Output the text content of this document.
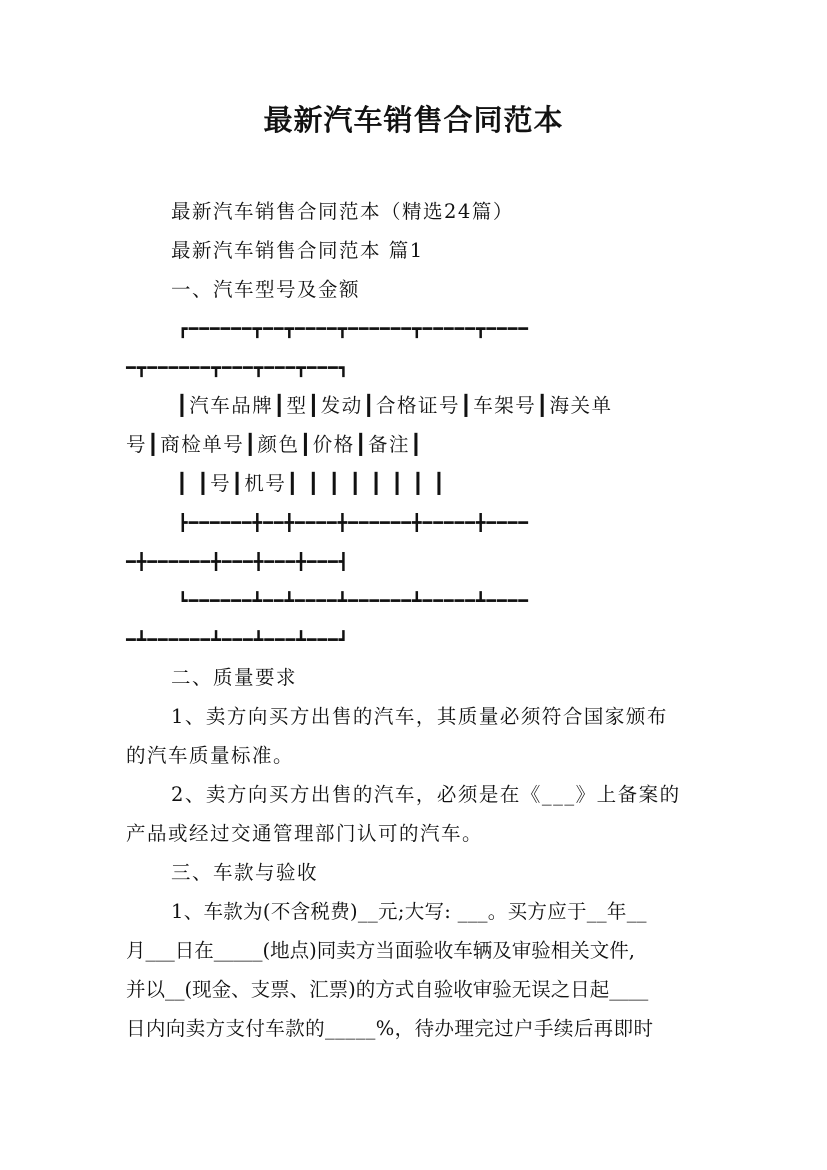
最新汽车销售合同范本
最新汽车销售合同范本（精选24篇）
最新汽车销售合同范本 篇1
一、汽车型号及金额
┏━━━━━━┳━━┳━━━━┳━━━━━━┳━━━━━┳━━━━
━┳━━━━━━┳━━━┳━━━┳━━━┓
┃汽车品牌┃型┃发动┃合格证号┃车架号┃海关单
号┃商检单号┃颜色┃价格┃备注┃
┃ ┃号┃机号┃ ┃ ┃ ┃ ┃ ┃ ┃ ┃
┣━━━━━━╋━━╋━━━━╋━━━━━━╋━━━━━╋━━━━
━╋━━━━━━╋━━━╋━━━╋━━━┫
┗━━━━━━┻━━┻━━━━┻━━━━━━┻━━━━━┻━━━━
━┻━━━━━━┻━━━┻━━━┻━━━┛
二、质量要求
1、卖方向买方出售的汽车，其质量必须符合国家颁布
的汽车质量标准。
2、卖方向买方出售的汽车，必须是在《___》上备案的
产品或经过交通管理部门认可的汽车。
三、车款与验收
1、车款为(不含税费)__元;大写: ___。买方应于__年__
月___日在_____(地点)同卖方当面验收车辆及审验相关文件,
并以__(现金、支票、汇票)的方式自验收审验无误之日起____
日内向卖方支付车款的_____%，待办理完过户手续后再即时
